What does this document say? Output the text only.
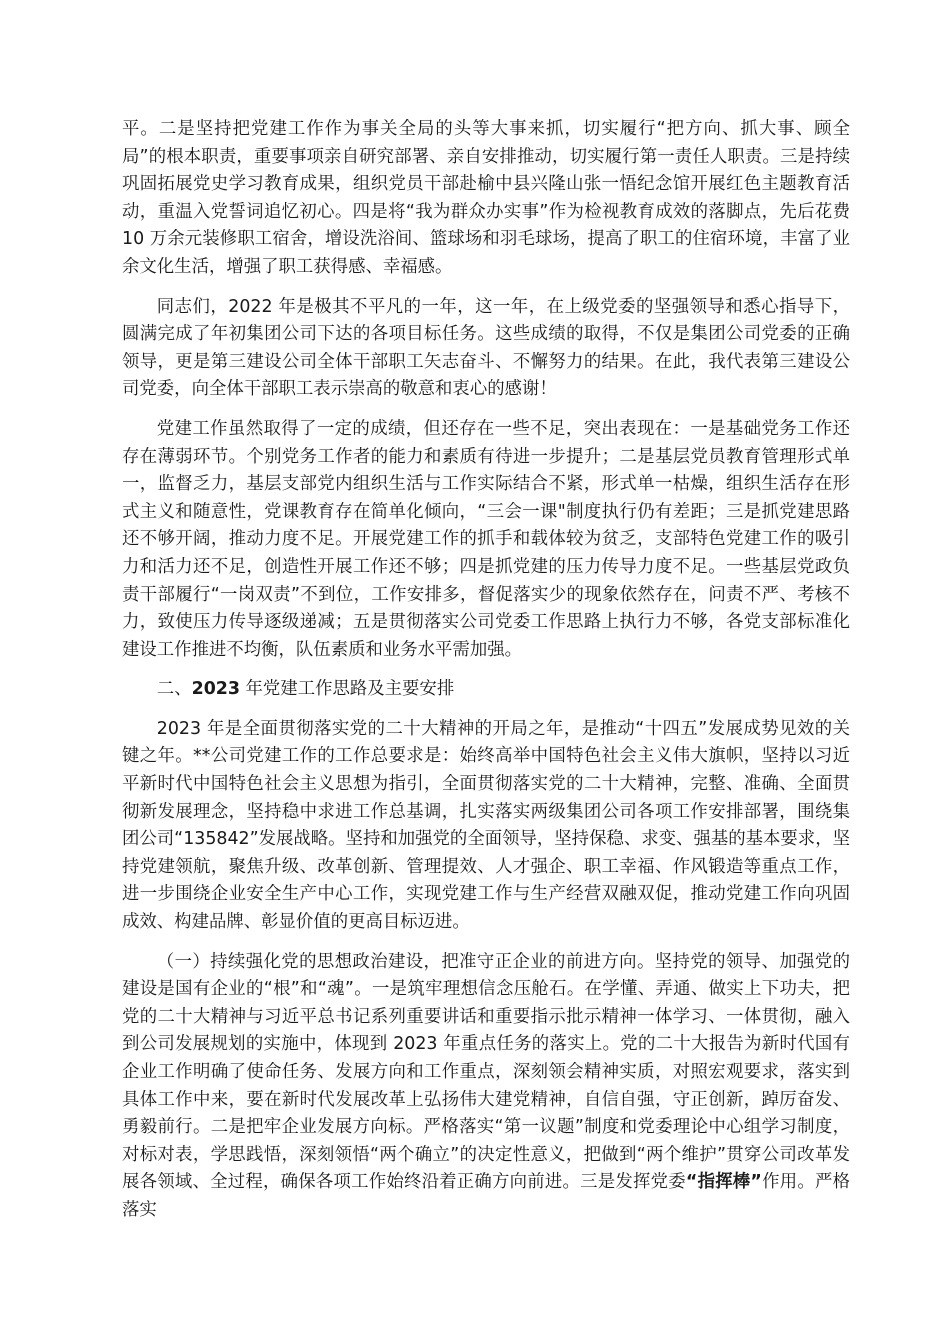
平。二是坚持把党建工作作为事关全局的头等大事来抓，切实履行“把方向、抓大事、顾全局”的根本职责，重要事项亲自研究部署、亲自安排推动，切实履行第一责任人职责。三是持续巩固拓展党史学习教育成果，组织党员干部赴榆中县兴隆山张一悟纪念馆开展红色主题教育活动，重温入党誓词追忆初心。四是将“我为群众办实事”作为检视教育成效的落脚点，先后花费 10 万余元装修职工宿舍，增设洗浴间、篮球场和羽毛球场，提高了职工的住宿环境，丰富了业余文化生活，增强了职工获得感、幸福感。

同志们，2022 年是极其不平凡的一年，这一年，在上级党委的坚强领导和悉心指导下，圆满完成了年初集团公司下达的各项目标任务。这些成绩的取得，不仅是集团公司党委的正确领导，更是第三建设公司全体干部职工矢志奋斗、不懈努力的结果。在此，我代表第三建设公司党委，向全体干部职工表示崇高的敬意和衷心的感谢！

党建工作虽然取得了一定的成绩，但还存在一些不足，突出表现在：一是基础党务工作还存在薄弱环节。个别党务工作者的能力和素质有待进一步提升；二是基层党员教育管理形式单一，监督乏力，基层支部党内组织生活与工作实际结合不紧，形式单一枯燥，组织生活存在形式主义和随意性，党课教育存在简单化倾向，“三会一课"制度执行仍有差距；三是抓党建思路还不够开阔，推动力度不足。开展党建工作的抓手和载体较为贫乏，支部特色党建工作的吸引力和活力还不足，创造性开展工作还不够；四是抓党建的压力传导力度不足。一些基层党政负责干部履行“一岗双责”不到位，工作安排多，督促落实少的现象依然存在，问责不严、考核不力，致使压力传导逐级递减；五是贯彻落实公司党委工作思路上执行力不够，各党支部标准化建设工作推进不均衡，队伍素质和业务水平需加强。

二、2023 年党建工作思路及主要安排

2023 年是全面贯彻落实党的二十大精神的开局之年，是推动“十四五”发展成势见效的关键之年。**公司党建工作的工作总要求是：始终高举中国特色社会主义伟大旗帜，坚持以习近平新时代中国特色社会主义思想为指引，全面贯彻落实党的二十大精神，完整、准确、全面贯彻新发展理念，坚持稳中求进工作总基调，扎实落实两级集团公司各项工作安排部署，围绕集团公司“135842”发展战略。坚持和加强党的全面领导，坚持保稳、求变、强基的基本要求，坚持党建领航，聚焦升级、改革创新、管理提效、人才强企、职工幸福、作风锻造等重点工作，进一步围绕企业安全生产中心工作，实现党建工作与生产经营双融双促，推动党建工作向巩固成效、构建品牌、彰显价值的更高目标迈进。

（一）持续强化党的思想政治建设，把准守正企业的前进方向。坚持党的领导、加强党的建设是国有企业的“根”和“魂”。一是筑牢理想信念压舱石。在学懂、弄通、做实上下功夫，把党的二十大精神与习近平总书记系列重要讲话和重要指示批示精神一体学习、一体贯彻，融入到公司发展规划的实施中，体现到 2023 年重点任务的落实上。党的二十大报告为新时代国有企业工作明确了使命任务、发展方向和工作重点，深刻领会精神实质，对照宏观要求，落实到具体工作中来，要在新时代发展改革上弘扬伟大建党精神，自信自强，守正创新，踔厉奋发、勇毅前行。二是把牢企业发展方向标。严格落实“第一议题”制度和党委理论中心组学习制度，对标对表，学思践悟，深刻领悟“两个确立”的决定性意义，把做到“两个维护”贯穿公司改革发展各领域、全过程，确保各项工作始终沿着正确方向前进。三是发挥党委“指挥棒”作用。严格落实
